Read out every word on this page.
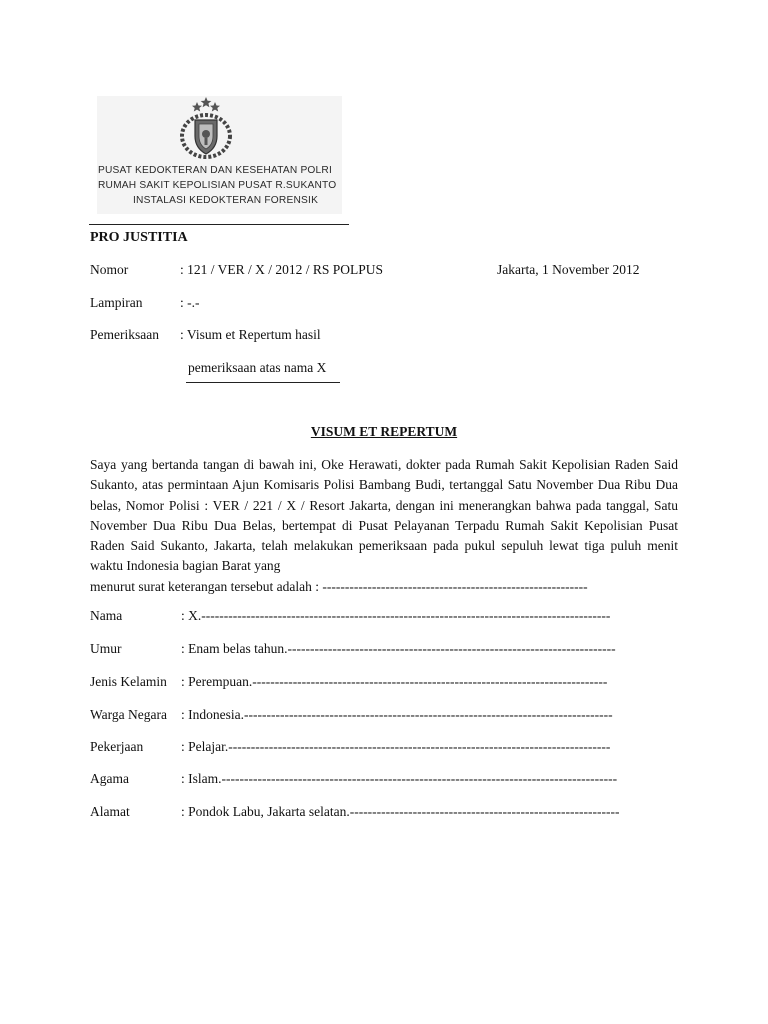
PUSAT KEDOKTERAN DAN KESEHATAN POLRI
RUMAH SAKIT KEPOLISIAN PUSAT R.SUKANTO
INSTALASI KEDOKTERAN FORENSIK
PRO JUSTITIA
Nomor	: 121 / VER / X / 2012 / RS POLPUS	Jakarta, 1 November 2012
Lampiran	: -.-
Pemeriksaan : Visum et Repertum hasil
pemeriksaan atas nama X
VISUM ET REPERTUM
Saya yang bertanda tangan di bawah ini, Oke Herawati, dokter pada Rumah Sakit Kepolisian Raden Said Sukanto, atas permintaan Ajun Komisaris Polisi Bambang Budi, tertanggal Satu November Dua Ribu Dua belas, Nomor Polisi : VER / 221 / X / Resort Jakarta, dengan ini menerangkan bahwa pada tanggal, Satu November Dua Ribu Dua Belas, bertempat di Pusat Pelayanan Terpadu Rumah Sakit Kepolisian Pusat Raden Said Sukanto, Jakarta, telah melakukan pemeriksaan pada pukul sepuluh lewat tiga puluh menit waktu Indonesia bagian Barat yang
menurut surat keterangan tersebut adalah : -----------------------------------------------------------
Nama	: X.-------------------------------------------------------------------------------------------
Umur	: Enam belas tahun.-------------------------------------------------------------------------
Jenis Kelamin : Perempuan.-------------------------------------------------------------------------------
Warga Negara : Indonesia.----------------------------------------------------------------------------------
Pekerjaan	: Pelajar.-------------------------------------------------------------------------------------
Agama	: Islam.----------------------------------------------------------------------------------------
Alamat	: Pondok Labu, Jakarta selatan.------------------------------------------------------------
